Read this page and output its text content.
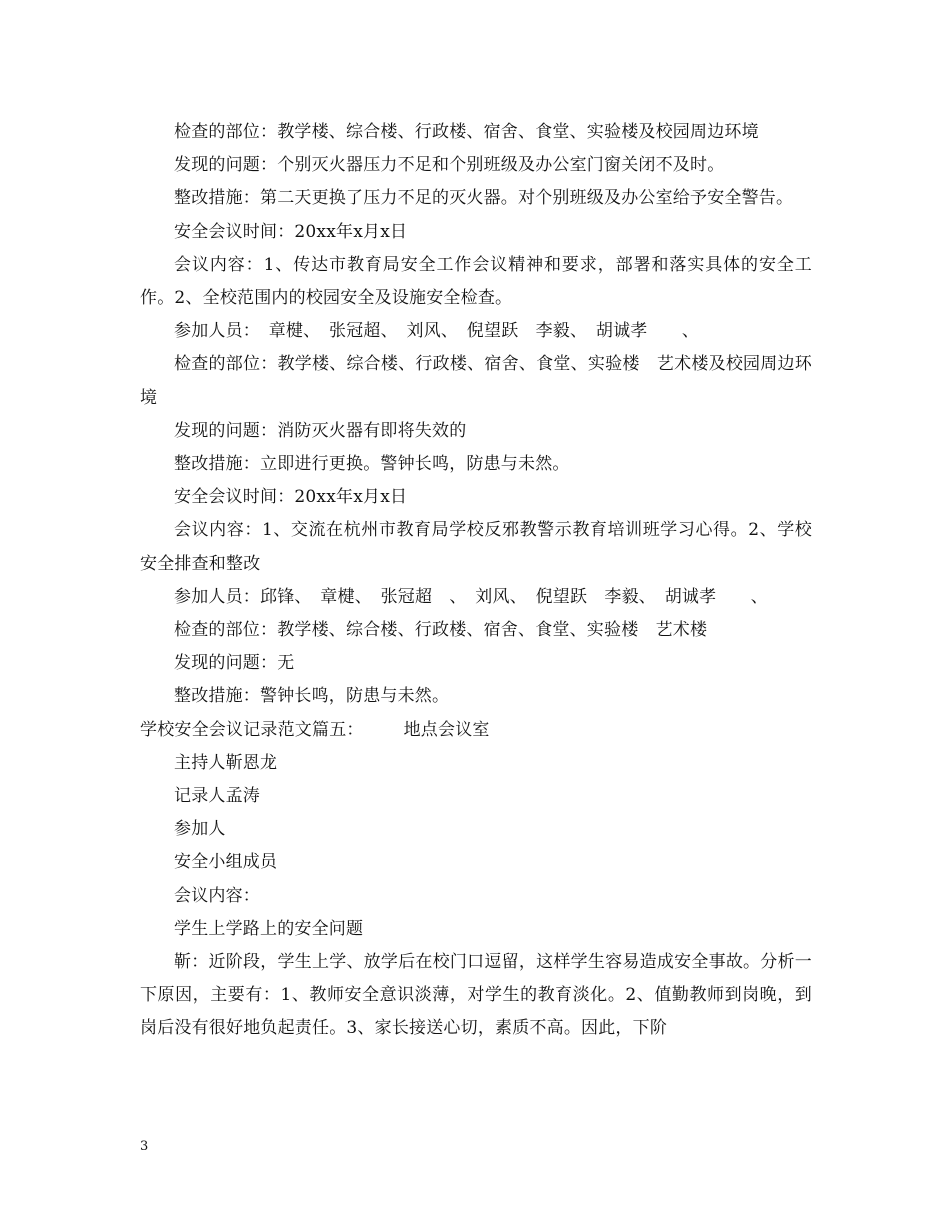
检查的部位：教学楼、综合楼、行政楼、宿舍、食堂、实验楼及校园周边环境

发现的问题：个别灭火器压力不足和个别班级及办公室门窗关闭不及时。

整改措施：第二天更换了压力不足的灭火器。对个别班级及办公室给予安全警告。

安全会议时间：20xx年x月x日

会议内容：1、传达市教育局安全工作会议精神和要求，部署和落实具体的安全工作。2、全校范围内的校园安全及设施安全检查。

参加人员：　章楗、　张冠超、　刘风、　倪望跃　李毅、　胡诚孝　　、

检查的部位：教学楼、综合楼、行政楼、宿舍、食堂、实验楼　艺术楼及校园周边环境

发现的问题：消防灭火器有即将失效的

整改措施：立即进行更换。警钟长鸣，防患与未然。

安全会议时间：20xx年x月x日

会议内容：1、交流在杭州市教育局学校反邪教警示教育培训班学习心得。2、学校安全排查和整改

参加人员：邱锋、　章楗、　张冠超　、　刘风、　倪望跃　李毅、　胡诚孝　　、

检查的部位：教学楼、综合楼、行政楼、宿舍、食堂、实验楼　艺术楼

发现的问题：无

整改措施：警钟长鸣，防患与未然。

学校安全会议记录范文篇五： 地点会议室

主持人靳恩龙

记录人孟涛

参加人

安全小组成员

会议内容：

学生上学路上的安全问题

靳：近阶段，学生上学、放学后在校门口逗留，这样学生容易造成安全事故。分析一下原因，主要有：1、教师安全意识淡薄，对学生的教育淡化。2、值勤教师到岗晚，到岗后没有很好地负起责任。3、家长接送心切，素质不高。因此，下阶

3
